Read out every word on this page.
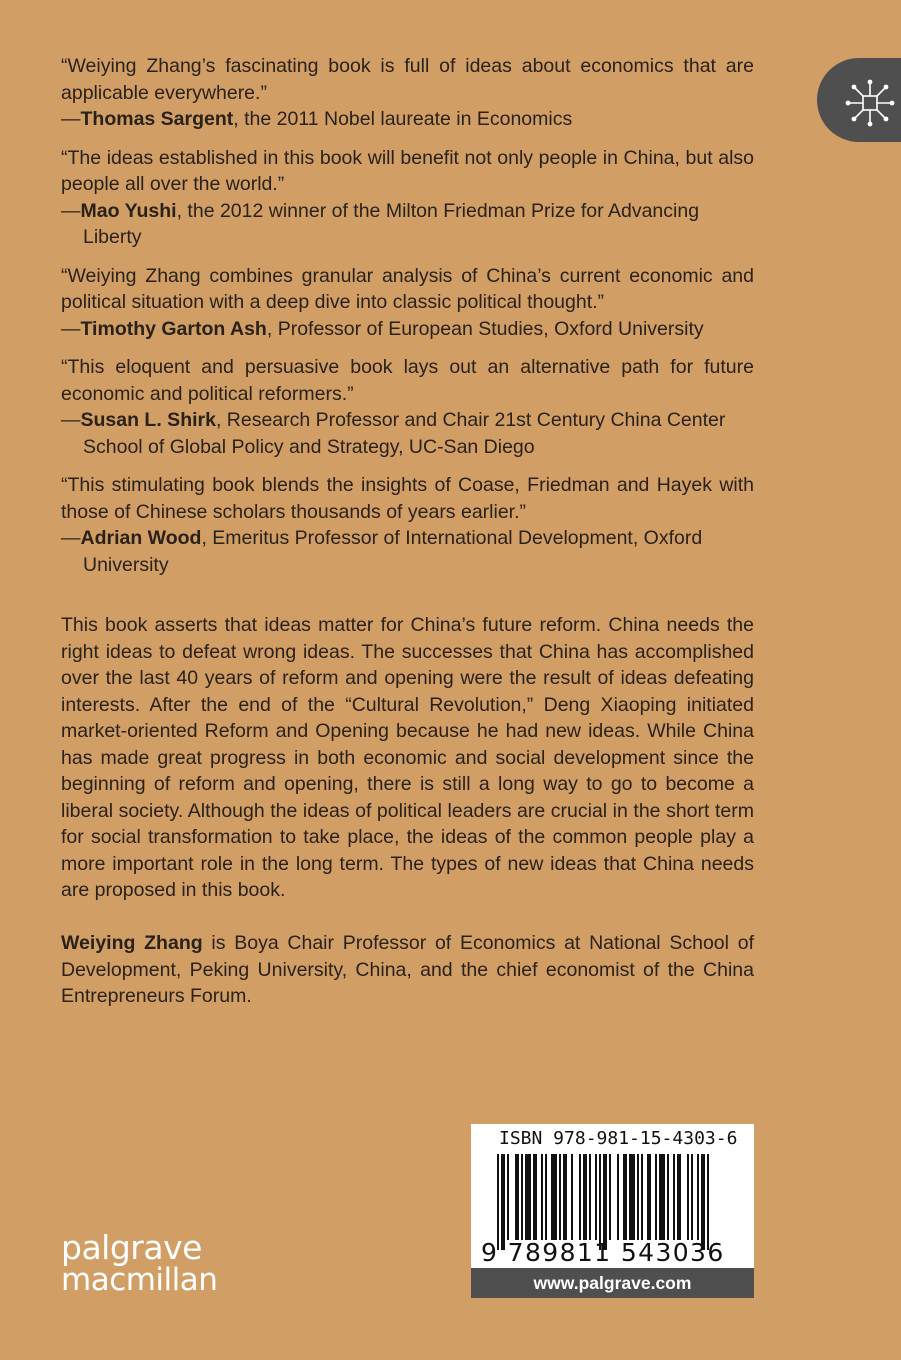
“Weiying Zhang’s fascinating book is full of ideas about economics that are applicable everywhere.”
—Thomas Sargent, the 2011 Nobel laureate in Economics
“The ideas established in this book will benefit not only people in China, but also people all over the world.”
—Mao Yushi, the 2012 winner of the Milton Friedman Prize for Advancing Liberty
“Weiying Zhang combines granular analysis of China’s current economic and political situation with a deep dive into classic political thought.”
—Timothy Garton Ash, Professor of European Studies, Oxford University
“This eloquent and persuasive book lays out an alternative path for future economic and political reformers.”
—Susan L. Shirk, Research Professor and Chair 21st Century China Center School of Global Policy and Strategy, UC-San Diego
“This stimulating book blends the insights of Coase, Friedman and Hayek with those of Chinese scholars thousands of years earlier.”
—Adrian Wood, Emeritus Professor of International Development, Oxford University
This book asserts that ideas matter for China’s future reform. China needs the right ideas to defeat wrong ideas. The successes that China has accomplished over the last 40 years of reform and opening were the result of ideas defeating interests. After the end of the “Cultural Revolution,” Deng Xiaoping initiated market-oriented Reform and Opening because he had new ideas. While China has made great progress in both economic and social development since the beginning of reform and opening, there is still a long way to go to become a liberal society. Although the ideas of political leaders are crucial in the short term for social transformation to take place, the ideas of the common people play a more important role in the long term. The types of new ideas that China needs are proposed in this book.
Weiying Zhang is Boya Chair Professor of Economics at National School of Development, Peking University, China, and the chief economist of the China Entrepreneurs Forum.
palgrave
macmillan
ISBN 978-981-15-4303-6
9 789811 543036
www.palgrave.com
